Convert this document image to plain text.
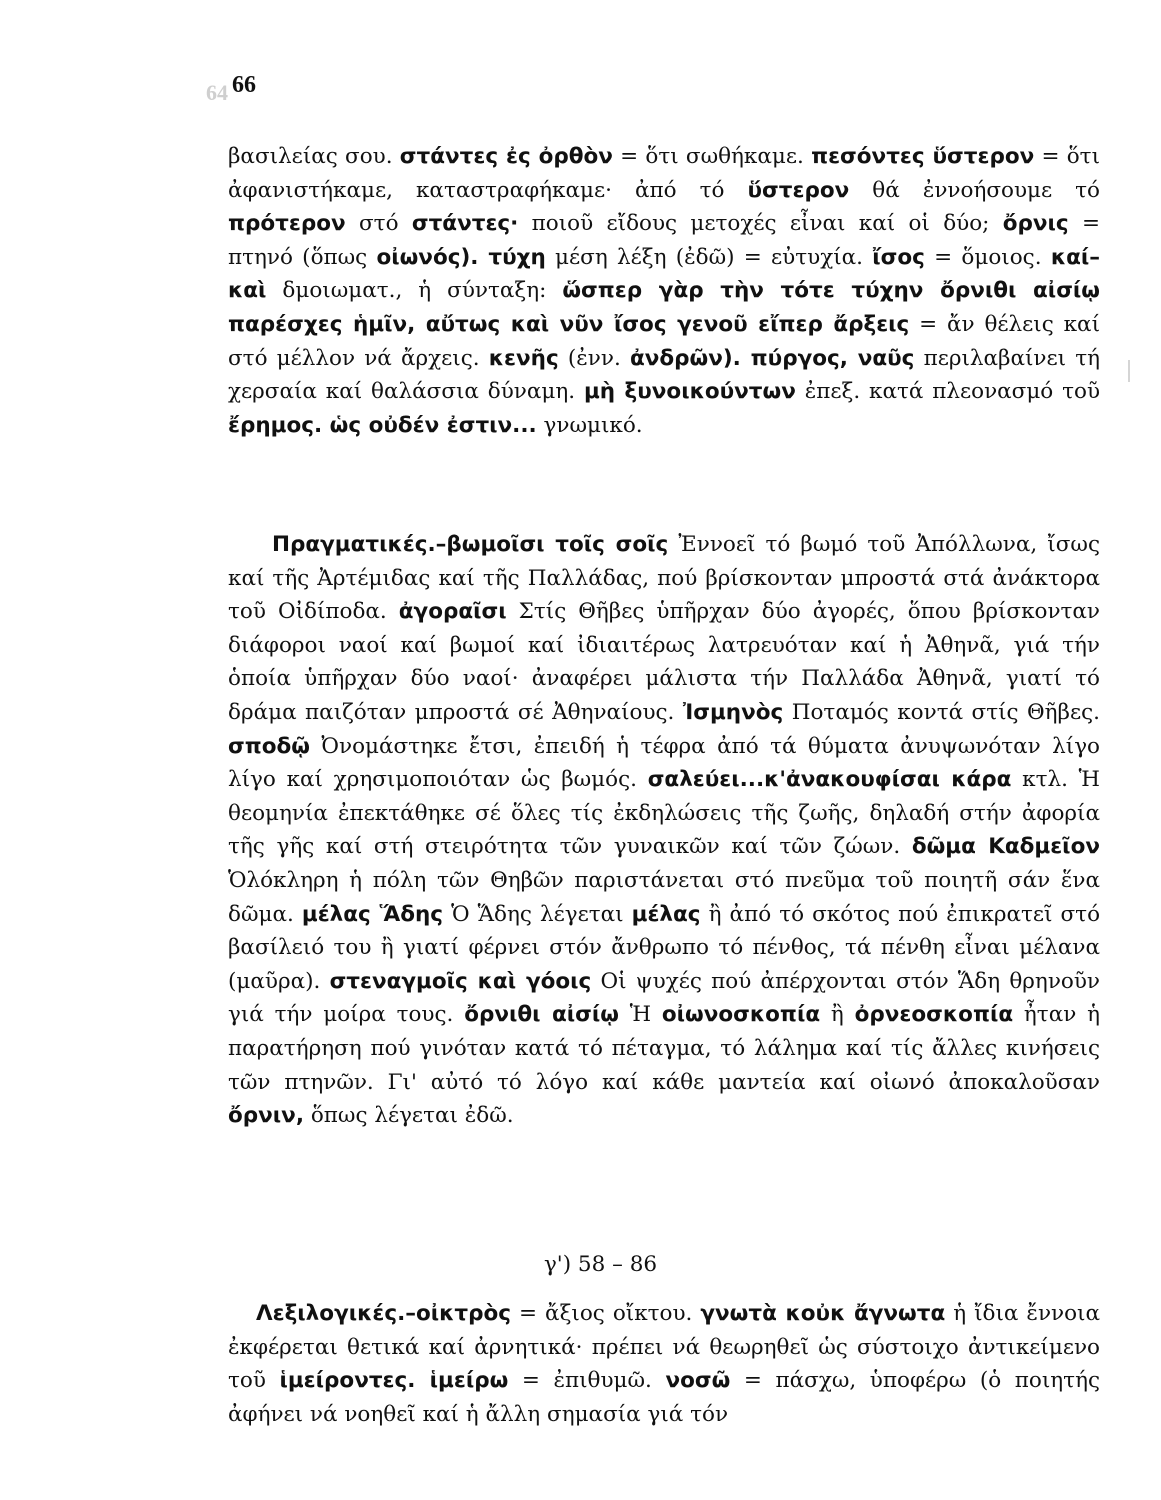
64 66

βασιλείας σου. στάντες ἐς ὀρθὸν = ὅτι σωθήκαμε. πεσόντες ὕστερον = ὅτι ἀφανιστήκαμε, καταστραφήκαμε· ἀπό τό ὕστερον θά ἐννοήσουμε τό πρότερον στό στάντες· ποιοῦ εἴδους μετοχές εἶναι καί οἱ δύο; ὄρνις = πτηνό (ὅπως οἰωνός). τύχη μέση λέξη (ἐδῶ) = εὐτυχία. ἴσος = ὅμοιος. καί–καὶ δμοιωματ., ἡ σύνταξη: ὥσπερ γὰρ τὴν τότε τύχην ὄρνιθι αἰσίῳ παρέσχες ἡμῖν, αὔτως καὶ νῦν ἴσος γενοῦ εἴπερ ἄρξεις = ἄν θέλεις καί στό μέλλον νά ἄρχεις. κενῆς (ἐνν. ἀνδρῶν). πύργος, ναῦς περιλαβαίνει τή χερσαία καί θαλάσσια δύναμη. μὴ ξυνοικούντων ἐπεξ. κατά πλεονασμό τοῦ ἔρημος. ὡς οὐδέν ἐστιν... γνωμικό.

Πραγματικές.–βωμοῖσι τοῖς σοῖς Ἐννοεῖ τό βωμό τοῦ Ἀπόλλωνα, ἴσως καί τῆς Ἀρτέμιδας καί τῆς Παλλάδας, πού βρίσκονταν μπροστά στά ἀνάκτορα τοῦ Οἰδίποδα. ἀγοραῖσι Στίς Θῆβες ὑπῆρχαν δύο ἀγορές, ὅπου βρίσκονταν διάφοροι ναοί καί βωμοί καί ἰδιαιτέρως λατρευόταν καί ἡ Ἀθηνᾶ, γιά τήν ὁποία ὑπῆρχαν δύο ναοί· ἀναφέρει μάλιστα τήν Παλλάδα Ἀθηνᾶ, γιατί τό δράμα παιζόταν μπροστά σέ Ἀθηναίους. Ἰσμηνὸς Ποταμός κοντά στίς Θῆβες. σποδῷ Ὀνομάστηκε ἔτσι, ἐπειδή ἡ τέφρα ἀπό τά θύματα ἀνυψωνόταν λίγο λίγο καί χρησιμοποιόταν ὡς βωμός. σαλεύει...κ'ἀνακουφίσαι κάρα κτλ. Ἡ θεομηνία ἐπεκτάθηκε σέ ὅλες τίς ἐκδηλώσεις τῆς ζωῆς, δηλαδή στήν ἀφορία τῆς γῆς καί στή στειρότητα τῶν γυναικῶν καί τῶν ζώων. δῶμα Καδμεῖον Ὁλόκληρη ἡ πόλη τῶν Θηβῶν παριστάνεται στό πνεῦμα τοῦ ποιητῆ σάν ἕνα δῶμα. μέλας Ἅδης Ὁ Ἅδης λέγεται μέλας ἢ ἀπό τό σκότος πού ἐπικρατεῖ στό βασίλειό του ἢ γιατί φέρνει στόν ἄνθρωπο τό πένθος, τά πένθη εἶναι μέλανα (μαῦρα). στεναγμοῖς καὶ γόοις Οἱ ψυχές πού ἀπέρχονται στόν Ἅδη θρηνοῦν γιά τήν μοίρα τους. ὄρνιθι αἰσίῳ Ἡ οἰωνοσκοπία ἢ ὀρνεοσκοπία ἦταν ἡ παρατήρηση πού γινόταν κατά τό πέταγμα, τό λάλημα καί τίς ἄλλες κινήσεις τῶν πτηνῶν. Γι' αὐτό τό λόγο καί κάθε μαντεία καί οἰωνό ἀποκαλοῦσαν ὄρνιν, ὅπως λέγεται ἐδῶ.

γ') 58 – 86

Λεξιλογικές.–οἰκτρὸς = ἄξιος οἴκτου. γνωτὰ κοὐκ ἄγνωτα ἡ ἴδια ἔννοια ἐκφέρεται θετικά καί ἀρνητικά· πρέπει νά θεωρηθεῖ ὡς σύστοιχο ἀντικείμενο τοῦ ἱμείροντες. ἱμείρω = ἐπιθυμῶ. νοσῶ = πάσχω, ὑποφέρω (ὁ ποιητής ἀφήνει νά νοηθεῖ καί ἡ ἄλλη σημασία γιά τόν
